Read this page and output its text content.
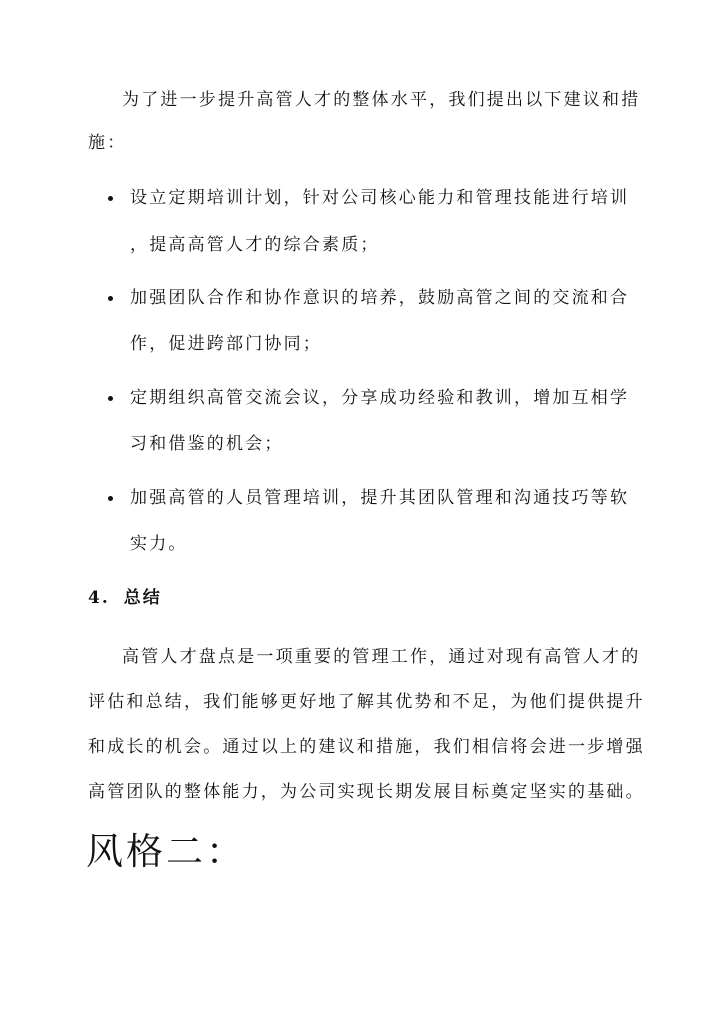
为了进一步提升高管人才的整体水平，我们提出以下建议和措
施：
设立定期培训计划，针对公司核心能力和管理技能进行培训
，提高高管人才的综合素质；
加强团队合作和协作意识的培养，鼓励高管之间的交流和合
作，促进跨部门协同；
定期组织高管交流会议，分享成功经验和教训，增加互相学
习和借鉴的机会；
加强高管的人员管理培训，提升其团队管理和沟通技巧等软
实力。
4. 总结
高管人才盘点是一项重要的管理工作，通过对现有高管人才的
评估和总结，我们能够更好地了解其优势和不足，为他们提供提升
和成长的机会。通过以上的建议和措施，我们相信将会进一步增强
高管团队的整体能力，为公司实现长期发展目标奠定坚实的基础。
风格二：
